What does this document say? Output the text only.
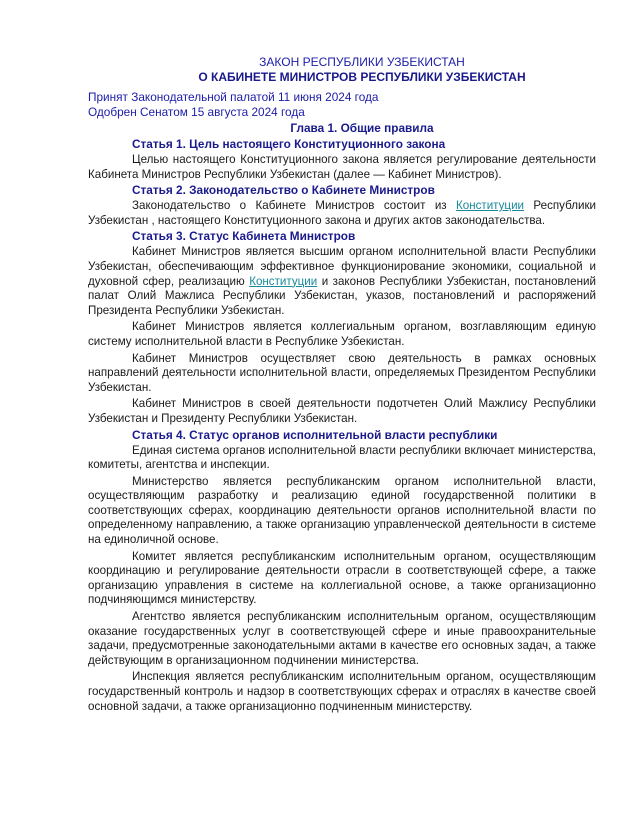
ЗАКОН РЕСПУБЛИКИ УЗБЕКИСТАН

О КАБИНЕТЕ МИНИСТРОВ РЕСПУБЛИКИ УЗБЕКИСТАН

Принят Законодательной палатой 11 июня 2024 года

Одобрен Сенатом 15 августа 2024 года

Глава 1. Общие правила

Статья 1. Цель настоящего Конституционного закона

Целью настоящего Конституционного закона является регулирование деятельности Кабинета Министров Республики Узбекистан (далее — Кабинет Министров).

Статья 2. Законодательство о Кабинете Министров

Законодательство о Кабинете Министров состоит из Конституции Республики Узбекистан , настоящего Конституционного закона и других актов законодательства.

Статья 3. Статус Кабинета Министров

Кабинет Министров является высшим органом исполнительной власти Республики Узбекистан, обеспечивающим эффективное функционирование экономики, социальной и духовной сфер, реализацию Конституции и законов Республики Узбекистан, постановлений палат Олий Мажлиса Республики Узбекистан, указов, постановлений и распоряжений Президента Республики Узбекистан.

Кабинет Министров является коллегиальным органом, возглавляющим единую систему исполнительной власти в Республике Узбекистан.

Кабинет Министров осуществляет свою деятельность в рамках основных направлений деятельности исполнительной власти, определяемых Президентом Республики Узбекистан.

Кабинет Министров в своей деятельности подотчетен Олий Мажлису Республики Узбекистан и Президенту Республики Узбекистан.

Статья 4. Статус органов исполнительной власти республики

Единая система органов исполнительной власти республики включает министерства, комитеты, агентства и инспекции.

Министерство является республиканским органом исполнительной власти, осуществляющим разработку и реализацию единой государственной политики в соответствующих сферах, координацию деятельности органов исполнительной власти по определенному направлению, а также организацию управленческой деятельности в системе на единоличной основе.

Комитет является республиканским исполнительным органом, осуществляющим координацию и регулирование деятельности отрасли в соответствующей сфере, а также организацию управления в системе на коллегиальной основе, а также организационно подчиняющимся министерству.

Агентство является республиканским исполнительным органом, осуществляющим оказание государственных услуг в соответствующей сфере и иные правоохранительные задачи, предусмотренные законодательными актами в качестве его основных задач, а также действующим в организационном подчинении министерства.

Инспекция является республиканским исполнительным органом, осуществляющим государственный контроль и надзор в соответствующих сферах и отраслях в качестве своей основной задачи, а также организационно подчиненным министерству.
